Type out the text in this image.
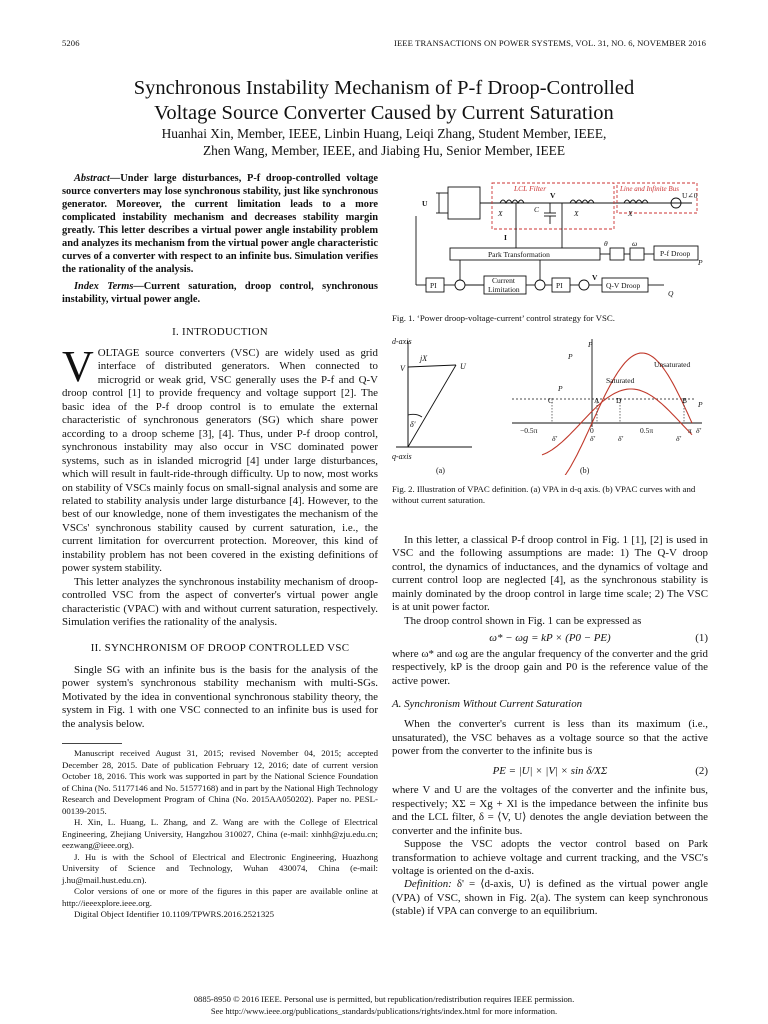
5206	IEEE TRANSACTIONS ON POWER SYSTEMS, VOL. 31, NO. 6, NOVEMBER 2016
Synchronous Instability Mechanism of P-f Droop-Controlled
Voltage Source Converter Caused by Current Saturation
Huanhai Xin, Member, IEEE, Linbin Huang, Leiqi Zhang, Student Member, IEEE,
Zhen Wang, Member, IEEE, and Jiabing Hu, Senior Member, IEEE

Abstract—Under large disturbances, P-f droop-controlled voltage source converters may lose synchronous stability, just like synchronous generator. Moreover, the current limitation leads to a more complicated instability mechanism and decreases stability margin greatly. This letter describes a virtual power angle instability problem and analyzes its mechanism from the virtual power angle characteristic curves of a converter with respect to an infinite bus. Simulation verifies the rationality of the analysis.

Index Terms—Current saturation, droop control, synchronous instability, virtual power angle.

I. INTRODUCTION

VOLTAGE source converters (VSC) are widely used as grid interface of distributed generators. When connected to microgrid or weak grid, VSC generally uses the P-f and Q-V droop control [1] to provide frequency and voltage support [2]. The basic idea of the P-f droop control is to emulate the external characteristic of synchronous generators (SG) which share power according to a droop scheme [3], [4]. Thus, under P-f droop control, synchronous instability may also occur in VSC dominated power systems, such as in islanded microgrid [4] under large disturbances, which will result in fault-ride-through difficulty. Up to now, most works on stability of VSCs mainly focus on small-signal analysis and some are related to stability analysis under large disturbance [4]. However, to the best of our knowledge, none of them investigates the mechanism of the VSCs' synchronous stability caused by current saturation, i.e., the current limitation for overcurrent protection. Moreover, this kind of instability problem has not been covered in the existing definitions of power system stability.

This letter analyzes the synchronous instability mechanism of droop-controlled VSC from the aspect of converter's virtual power angle characteristic (VPAC) with and without current saturation, respectively. Simulation verifies the rationality of the analysis.

II. SYNCHRONISM OF DROOP CONTROLLED VSC

Single SG with an infinite bus is the basis for the analysis of the power system's synchronous stability mechanism with multi-SGs. Motivated by the idea in conventional synchronous stability theory, the system in Fig. 1 with one VSC connected to an infinite bus is used for the analysis below.

Manuscript received August 31, 2015; revised November 04, 2015; accepted December 28, 2015. Date of publication February 12, 2016; date of current version October 18, 2016. This work was supported in part by the National Science Foundation of China (No. 51177146 and No. 51577168) and in part by the National High Technology Research and Development Program of China (No. 2015AA050202). Paper no. PESL-00139-2015.

H. Xin, L. Huang, L. Zhang, and Z. Wang are with the College of Electrical Engineering, Zhejiang University, Hangzhou 310027, China (e-mail: xinhh@zju.edu.cn; eezwang@ieee.org).

J. Hu is with the School of Electrical and Electronic Engineering, Huazhong University of Science and Technology, Wuhan 430074, China (e-mail: j.hu@mail.hust.edu.cn).

Color versions of one or more of the figures in this paper are available online at http://ieeexplore.ieee.org.

Digital Object Identifier 10.1109/TPWRS.2016.2521325

LCL Filter	Line and Infinite Bus
X	C	X	X
V
I
U∠0
U
Park Transformation
θ	ω
P-f Droop
Q-V Droop
PI	PI
Current
Limitation
P
Q
V
Fig. 1. ‘Power droop-voltage-current’ control strategy for VSC.
d-axis
q-axis
jX
V	U
δ'
(a)	(b)
P
P
P
P
Unsaturated
Saturated
δ'
C	A D	B
−0.5π	0	0.5π	π
δ'	δ'	δ'	δ'
Fig. 2. Illustration of VPAC definition. (a) VPA in d-q axis. (b) VPAC curves with and without current saturation.

In this letter, a classical P-f droop control in Fig. 1 [1], [2] is used in VSC and the following assumptions are made: 1) The Q-V droop control, the dynamics of inductances, and the dynamics of voltage and current control loop are neglected [4], as the synchronous stability is mainly dominated by the droop control in large time scale; 2) The VSC is at unit power factor.

The droop control shown in Fig. 1 can be expressed as

ω* − ωg = kP × (P0 − PE)	(1)

where ω* and ωg are the angular frequency of the converter and the grid respectively, kP is the droop gain and P0 is the reference value of the active power.

A. Synchronism Without Current Saturation

When the converter's current is less than its maximum (i.e., unsaturated), the VSC behaves as a voltage source so that the active power from the converter to the infinite bus is

PE = |U| × |V| × sin δ/XΣ	(2)

where V and U are the voltages of the converter and the infinite bus, respectively; XΣ = Xg + Xl is the impedance between the infinite bus and the LCL filter, δ = ⟨V, U⟩ denotes the angle deviation between the converter and the infinite bus.

Suppose the VSC adopts the vector control based on Park transformation to achieve voltage and current tracking, and the VSC's voltage is oriented on the d-axis.

Definition: δ' = ⟨d-axis, U⟩ is defined as the virtual power angle (VPA) of VSC, shown in Fig. 2(a). The system can keep synchronous (stable) if VPA can converge to an equilibrium.

0885-8950 © 2016 IEEE. Personal use is permitted, but republication/redistribution requires IEEE permission.
See http://www.ieee.org/publications_standards/publications/rights/index.html for more information.
